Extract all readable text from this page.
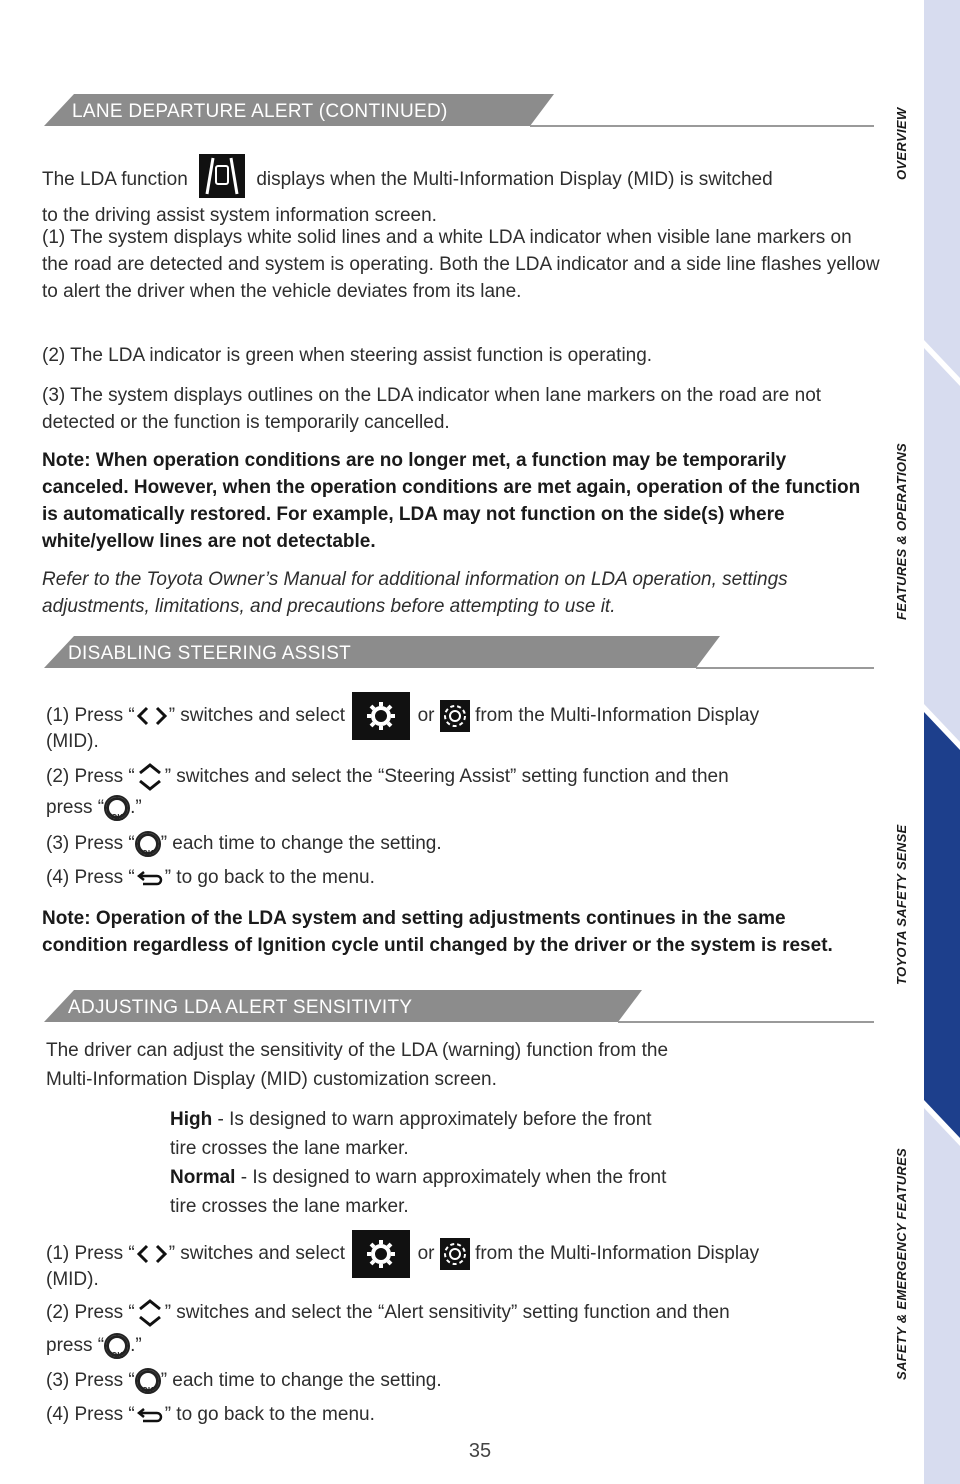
OVERVIEW
FEATURES & OPERATIONS
TOYOTA SAFETY SENSE
SAFETY & EMERGENCY FEATURES
LANE DEPARTURE ALERT (CONTINUED)
The LDA function	displays when the Multi-Information Display (MID) is switched
to the driving assist system information screen.
(1) The system displays white solid lines and a white LDA indicator when visible lane markers on the road are detected and system is operating. Both the LDA indicator and a side line flashes yellow to alert the driver when the vehicle deviates from its lane.
(2) The LDA indicator is green when steering assist function is operating.
(3) The system displays outlines on the LDA indicator when lane markers on the road are not detected or the function is temporarily cancelled.
Note: When operation conditions are no longer met, a function may be temporarily canceled. However, when the operation conditions are met again, operation of the function is automatically restored. For example, LDA may not function on the side(s) where white/yellow lines are not detectable.
Refer to the Toyota Owner’s Manual for additional information on LDA operation, settings adjustments, limitations, and precautions before attempting to use it.
DISABLING STEERING ASSIST
(1) Press “ ” switches and select	or from the Multi-Information Display
(MID).
(2) Press “ ” switches and select the “Steering Assist” setting function and then
press “ OK .”
(3) Press “ OK ” each time to change the setting.
(4) Press “ ” to go back to the menu.
Note: Operation of the LDA system and setting adjustments continues in the same condition regardless of Ignition cycle until changed by the driver or the system is reset.
ADJUSTING LDA ALERT SENSITIVITY
The driver can adjust the sensitivity of the LDA (warning) function from the
Multi-Information Display (MID) customization screen.
High - Is designed to warn approximately before the front
tire crosses the lane marker.
Normal - Is designed to warn approximately when the front
tire crosses the lane marker.
(1) Press “ ” switches and select	or from the Multi-Information Display
(MID).
(2) Press “ ” switches and select the “Alert sensitivity” setting function and then
press “ OK .”
(3) Press “ OK ” each time to change the setting.
(4) Press “ ” to go back to the menu.
35
